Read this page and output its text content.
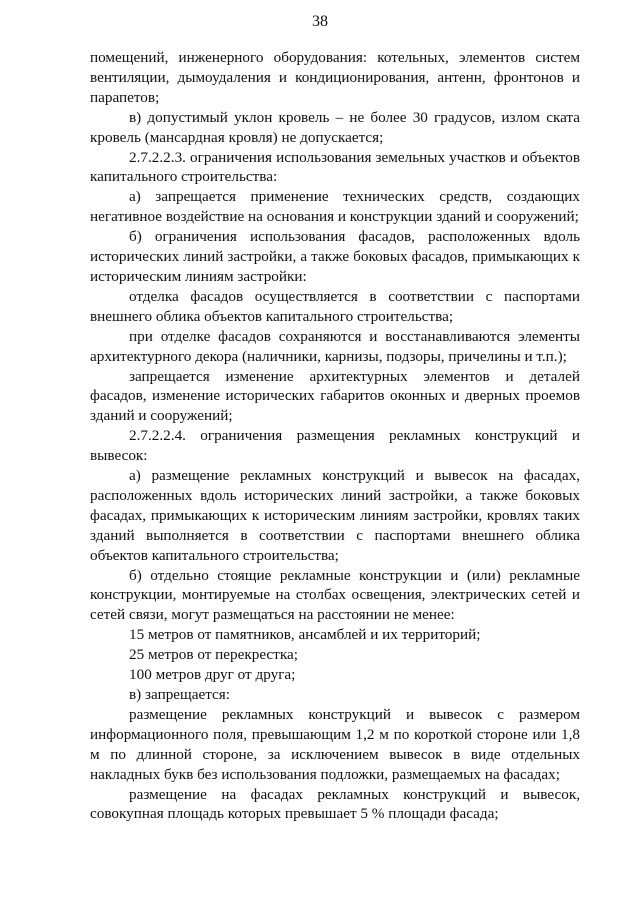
38

помещений, инженерного оборудования: котельных, элементов систем вентиляции, дымоудаления и кондиционирования, антенн, фронтонов и парапетов;

в) допустимый уклон кровель – не более 30 градусов, излом ската кровель (мансардная кровля) не допускается;

2.7.2.2.3. ограничения использования земельных участков и объектов капитального строительства:

а) запрещается применение технических средств, создающих негативное воздействие на основания и конструкции зданий и сооружений;

б) ограничения использования фасадов, расположенных вдоль исторических линий застройки, а также боковых фасадов, примыкающих к историческим линиям застройки:

отделка фасадов осуществляется в соответствии с паспортами внешнего облика объектов капитального строительства;

при отделке фасадов сохраняются и восстанавливаются элементы архитектурного декора (наличники, карнизы, подзоры, причелины и т.п.);

запрещается изменение архитектурных элементов и деталей фасадов, изменение исторических габаритов оконных и дверных проемов зданий и сооружений;

2.7.2.2.4. ограничения размещения рекламных конструкций и вывесок:

а) размещение рекламных конструкций и вывесок на фасадах, расположенных вдоль исторических линий застройки, а также боковых фасадах, примыкающих к историческим линиям застройки, кровлях таких зданий выполняется в соответствии с паспортами внешнего облика объектов капитального строительства;

б) отдельно стоящие рекламные конструкции и (или) рекламные конструкции, монтируемые на столбах освещения, электрических сетей и сетей связи, могут размещаться на расстоянии не менее:

15 метров от памятников, ансамблей и их территорий;

25 метров от перекрестка;

100 метров друг от друга;

в) запрещается:

размещение рекламных конструкций и вывесок с размером информационного поля, превышающим 1,2 м по короткой стороне или 1,8 м по длинной стороне, за исключением вывесок в виде отдельных накладных букв без использования подложки, размещаемых на фасадах;

размещение на фасадах рекламных конструкций и вывесок, совокупная площадь которых превышает 5 % площади фасада;
